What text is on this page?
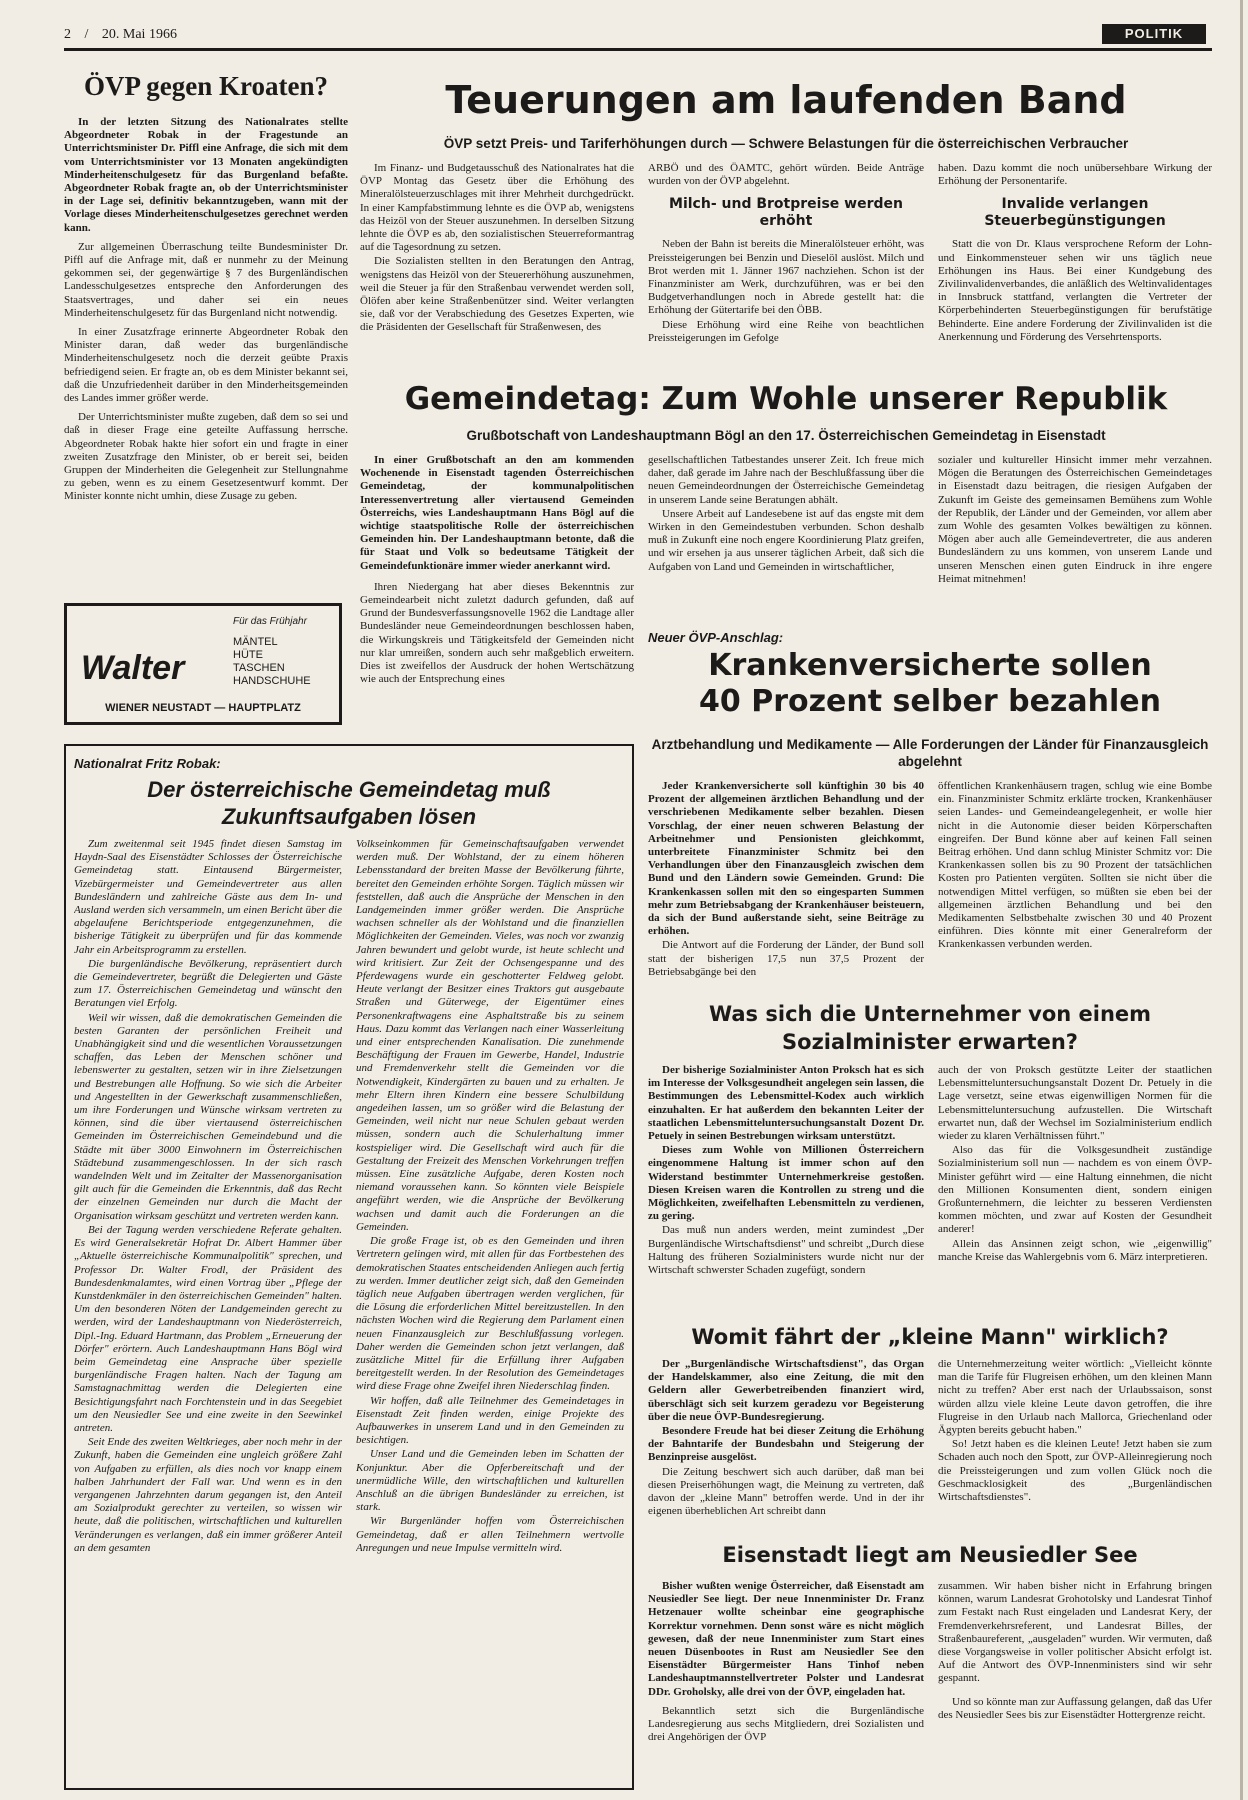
2 / 20. Mai 1966	POLITIK
ÖVP gegen Kroaten?
In der letzten Sitzung des Nationalrates stellte Abgeordneter Robak in der Fragestunde an Unterrichtsminister Dr. Piffl eine Anfrage, die sich mit dem vom Unterrichtsminister vor 13 Monaten angekündigten Minderheitenschulgesetz für das Burgenland befaßte. Abgeordneter Robak fragte an, ob der Unterrichtsminister in der Lage sei, definitiv bekanntzugeben, wann mit der Vorlage dieses Minderheitenschulgesetzes gerechnet werden kann.
Zur allgemeinen Überraschung teilte Bundesminister Dr. Piffl auf die Anfrage mit, daß er nunmehr zu der Meinung gekommen sei, der gegenwärtige § 7 des Burgenländischen Landesschulgesetzes entspreche den Anforderungen des Staatsvertrages, und daher sei ein neues Minderheitenschulgesetz für das Burgenland nicht notwendig.
In einer Zusatzfrage erinnerte Abgeordneter Robak den Minister daran, daß weder das burgenländische Minderheitenschulgesetz noch die derzeit geübte Praxis befriedigend seien. Er fragte an, ob es dem Minister bekannt sei, daß die Unzufriedenheit darüber in den Minderheitsgemeinden des Landes immer größer werde.
Der Unterrichtsminister mußte zugeben, daß dem so sei und daß in dieser Frage eine geteilte Auffassung herrsche. Abgeordneter Robak hakte hier sofort ein und fragte in einer zweiten Zusatzfrage den Minister, ob er bereit sei, beiden Gruppen der Minderheiten die Gelegenheit zur Stellungnahme zu geben, wenn es zu einem Gesetzesentwurf kommt. Der Minister konnte nicht umhin, diese Zusage zu geben.
Für das Frühjahr
MÄNTEL
HÜTE
TASCHEN
HANDSCHUHE
Walter
WIENER NEUSTADT — HAUPTPLATZ
Teuerungen am laufenden Band
ÖVP setzt Preis- und Tariferhöhungen durch — Schwere Belastungen für die österreichischen Verbraucher
Im Finanz- und Budgetausschuß des Nationalrates hat die ÖVP Montag das Gesetz über die Erhöhung des Mineralölsteuerzuschlages mit ihrer Mehrheit durchgedrückt. In einer Kampfabstimmung lehnte es die ÖVP ab, wenigstens das Heizöl von der Steuer auszunehmen. In derselben Sitzung lehnte die ÖVP es ab, den sozialistischen Steuerreformantrag auf die Tagesordnung zu setzen.
Die Sozialisten stellten in den Beratungen den Antrag, wenigstens das Heizöl von der Steuererhöhung auszunehmen, weil die Steuer ja für den Straßenbau verwendet werden soll, Ölöfen aber keine Straßenbenützer sind. Weiter verlangten sie, daß vor der Verabschiedung des Gesetzes Experten, wie die Präsidenten der Gesellschaft für Straßenwesen, des
ARBÖ und des ÖAMTC, gehört würden. Beide Anträge wurden von der ÖVP abgelehnt.
Milch- und Brotpreise werden erhöht
Neben der Bahn ist bereits die Mineralölsteuer erhöht, was Preissteigerungen bei Benzin und Dieselöl auslöst. Milch und Brot werden mit 1. Jänner 1967 nachziehen. Schon ist der Finanzminister am Werk, durchzuführen, was er bei den Budgetverhandlungen noch in Abrede gestellt hat: die Erhöhung der Gütertarife bei den ÖBB.
Diese Erhöhung wird eine Reihe von beachtlichen Preissteigerungen im Gefolge
haben. Dazu kommt die noch unübersehbare Wirkung der Erhöhung der Personentarife.
Invalide verlangen Steuerbegünstigungen
Statt die von Dr. Klaus versprochene Reform der Lohn- und Einkommensteuer sehen wir uns täglich neue Erhöhungen ins Haus. Bei einer Kundgebung des Zivilinvalidenverbandes, die anläßlich des Weltinvalidentages in Innsbruck stattfand, verlangten die Vertreter der Körperbehinderten Steuerbegünstigungen für berufstätige Behinderte. Eine andere Forderung der Zivilinvaliden ist die Anerkennung und Förderung des Versehrtensports.
Gemeindetag: Zum Wohle unserer Republik
Grußbotschaft von Landeshauptmann Bögl an den 17. Österreichischen Gemeindetag in Eisenstadt
In einer Grußbotschaft an den am kommenden Wochenende in Eisenstadt tagenden Österreichischen Gemeindetag, der kommunalpolitischen Interessenvertretung aller viertausend Gemeinden Österreichs, wies Landeshauptmann Hans Bögl auf die wichtige staatspolitische Rolle der österreichischen Gemeinden hin. Der Landeshauptmann betonte, daß die für Staat und Volk so bedeutsame Tätigkeit der Gemeindefunktionäre immer wieder anerkannt wird.
Ihren Niedergang hat aber dieses Bekenntnis zur Gemeindearbeit nicht zuletzt dadurch gefunden, daß auf Grund der Bundesverfassungsnovelle 1962 die Landtage aller Bundesländer neue Gemeindeordnungen beschlossen haben, die Wirkungskreis und Tätigkeitsfeld der Gemeinden nicht nur klar umreißen, sondern auch sehr maßgeblich erweitern. Dies ist zweifellos der Ausdruck der hohen Wertschätzung wie auch der Entsprechung eines
gesellschaftlichen Tatbestandes unserer Zeit. Ich freue mich daher, daß gerade im Jahre nach der Beschlußfassung über die neuen Gemeindeordnungen der Österreichische Gemeindetag in unserem Lande seine Beratungen abhält.
Unsere Arbeit auf Landesebene ist auf das engste mit dem Wirken in den Gemeindestuben verbunden. Schon deshalb muß in Zukunft eine noch engere Koordinierung Platz greifen, und wir ersehen ja aus unserer täglichen Arbeit, daß sich die Aufgaben von Land und Gemeinden in wirtschaftlicher,
sozialer und kultureller Hinsicht immer mehr verzahnen. Mögen die Beratungen des Österreichischen Gemeindetages in Eisenstadt dazu beitragen, die riesigen Aufgaben der Zukunft im Geiste des gemeinsamen Bemühens zum Wohle der Republik, der Länder und der Gemeinden, vor allem aber zum Wohle des gesamten Volkes bewältigen zu können. Mögen aber auch alle Gemeindevertreter, die aus anderen Bundesländern zu uns kommen, von unserem Lande und unseren Menschen einen guten Eindruck in ihre engere Heimat mitnehmen!
Neuer ÖVP-Anschlag:
Krankenversicherte sollen
40 Prozent selber bezahlen
Arztbehandlung und Medikamente — Alle Forderungen der Länder für Finanzausgleich abgelehnt
Jeder Krankenversicherte soll künftighin 30 bis 40 Prozent der allgemeinen ärztlichen Behandlung und der verschriebenen Medikamente selber bezahlen. Diesen Vorschlag, der einer neuen schweren Belastung der Arbeitnehmer und Pensionisten gleichkommt, unterbreitete Finanzminister Schmitz bei den Verhandlungen über den Finanzausgleich zwischen dem Bund und den Ländern sowie Gemeinden. Grund: Die Krankenkassen sollen mit den so eingesparten Summen mehr zum Betriebsabgang der Krankenhäuser beisteuern, da sich der Bund außerstande sieht, seine Beiträge zu erhöhen.
Die Antwort auf die Forderung der Länder, der Bund soll statt der bisherigen 17,5 nun 37,5 Prozent der Betriebsabgänge bei den
öffentlichen Krankenhäusern tragen, schlug wie eine Bombe ein. Finanzminister Schmitz erklärte trocken, Krankenhäuser seien Landes- und Gemeindeangelegenheit, er wolle hier nicht in die Autonomie dieser beiden Körperschaften eingreifen. Der Bund könne aber auf keinen Fall seinen Beitrag erhöhen. Und dann schlug Minister Schmitz vor: Die Krankenkassen sollen bis zu 90 Prozent der tatsächlichen Kosten pro Patienten vergüten. Sollten sie nicht über die notwendigen Mittel verfügen, so müßten sie eben bei der allgemeinen ärztlichen Behandlung und bei den Medikamenten Selbstbehalte zwischen 30 und 40 Prozent einführen. Dies könnte mit einer Generalreform der Krankenkassen verbunden werden.
Was sich die Unternehmer von einem Sozialminister erwarten?
Der bisherige Sozialminister Anton Proksch hat es sich im Interesse der Volksgesundheit angelegen sein lassen, die Bestimmungen des Lebensmittel-Kodex auch wirklich einzuhalten. Er hat außerdem den bekannten Leiter der staatlichen Lebensmitteluntersuchungsanstalt Dozent Dr. Petuely in seinen Bestrebungen wirksam unterstützt.
Dieses zum Wohle von Millionen Österreichern eingenommene Haltung ist immer schon auf den Widerstand bestimmter Unternehmerkreise gestoßen. Diesen Kreisen waren die Kontrollen zu streng und die Möglichkeiten, zweifelhaften Lebensmitteln zu verdienen, zu gering.
Das muß nun anders werden, meint zumindest „Der Burgenländische Wirtschaftsdienst" und schreibt „Durch diese Haltung des früheren Sozialministers wurde nicht nur der Wirtschaft schwerster Schaden zugefügt, sondern
auch der von Proksch gestützte Leiter der staatlichen Lebensmitteluntersuchungsanstalt Dozent Dr. Petuely in die Lage versetzt, seine etwas eigenwilligen Normen für die Lebensmitteluntersuchung aufzustellen. Die Wirtschaft erwartet nun, daß der Wechsel im Sozialministerium endlich wieder zu klaren Verhältnissen führt."
Also das für die Volksgesundheit zuständige Sozialministerium soll nun — nachdem es von einem ÖVP-Minister geführt wird — eine Haltung einnehmen, die nicht den Millionen Konsumenten dient, sondern einigen Großunternehmern, die leichter zu besseren Verdiensten kommen möchten, und zwar auf Kosten der Gesundheit anderer!
Allein das Ansinnen zeigt schon, wie „eigenwillig" manche Kreise das Wahlergebnis vom 6. März interpretieren.
Womit fährt der „kleine Mann" wirklich?
Der „Burgenländische Wirtschaftsdienst", das Organ der Handelskammer, also eine Zeitung, die mit den Geldern aller Gewerbetreibenden finanziert wird, überschlägt sich seit kurzem geradezu vor Begeisterung über die neue ÖVP-Bundesregierung.
Besondere Freude hat bei dieser Zeitung die Erhöhung der Bahntarife der Bundesbahn und Steigerung der Benzinpreise ausgelöst.
Die Zeitung beschwert sich auch darüber, daß man bei diesen Preiserhöhungen wagt, die Meinung zu vertreten, daß davon der „kleine Mann" betroffen werde. Und in der ihr eigenen überheblichen Art schreibt dann
die Unternehmerzeitung weiter wörtlich: „Vielleicht könnte man die Tarife für Flugreisen erhöhen, um den kleinen Mann nicht zu treffen? Aber erst nach der Urlaubssaison, sonst würden allzu viele kleine Leute davon getroffen, die ihre Flugreise in den Urlaub nach Mallorca, Griechenland oder Ägypten bereits gebucht haben."
So! Jetzt haben es die kleinen Leute! Jetzt haben sie zum Schaden auch noch den Spott, zur ÖVP-Alleinregierung noch die Preissteigerungen und zum vollen Glück noch die Geschmacklosigkeit des „Burgenländischen Wirtschaftsdienstes".
Eisenstadt liegt am Neusiedler See
Bisher wußten wenige Österreicher, daß Eisenstadt am Neusiedler See liegt. Der neue Innenminister Dr. Franz Hetzenauer wollte scheinbar eine geographische Korrektur vornehmen. Denn sonst wäre es nicht möglich gewesen, daß der neue Innenminister zum Start eines neuen Düsenbootes in Rust am Neusiedler See den Eisenstädter Bürgermeister Hans Tinhof neben Landeshauptmannstellvertreter Polster und Landesrat DDr. Groholsky, alle drei von der ÖVP, eingeladen hat.
Bekanntlich setzt sich die Burgenländische Landesregierung aus sechs Mitgliedern, drei Sozialisten und drei Angehörigen der ÖVP
zusammen. Wir haben bisher nicht in Erfahrung bringen können, warum Landesrat Grohotolsky und Landesrat Tinhof zum Festakt nach Rust eingeladen und Landesrat Kery, der Fremdenverkehrsreferent, und Landesrat Billes, der Straßenbaureferent, „ausgeladen" wurden. Wir vermuten, daß diese Vorgangsweise in voller politischer Absicht erfolgt ist. Auf die Antwort des ÖVP-Innenministers sind wir sehr gespannt.
Und so könnte man zur Auffassung gelangen, daß das Ufer des Neusiedler Sees bis zur Eisenstädter Hottergrenze reicht.
Nationalrat Fritz Robak:
Der österreichische Gemeindetag muß Zukunftsaufgaben lösen
Zum zweitenmal seit 1945 findet diesen Samstag im Haydn-Saal des Eisenstädter Schlosses der Österreichische Gemeindetag statt. Eintausend Bürgermeister, Vizebürgermeister und Gemeindevertreter aus allen Bundesländern und zahlreiche Gäste aus dem In- und Ausland werden sich versammeln, um einen Bericht über die abgelaufene Berichtsperiode entgegenzunehmen, die bisherige Tätigkeit zu überprüfen und für das kommende Jahr ein Arbeitsprogramm zu erstellen.
Die burgenländische Bevölkerung, repräsentiert durch die Gemeindevertreter, begrüßt die Delegierten und Gäste zum 17. Österreichischen Gemeindetag und wünscht den Beratungen viel Erfolg.
Weil wir wissen, daß die demokratischen Gemeinden die besten Garanten der persönlichen Freiheit und Unabhängigkeit sind und die wesentlichen Voraussetzungen schaffen, das Leben der Menschen schöner und lebenswerter zu gestalten, setzen wir in ihre Zielsetzungen und Bestrebungen alle Hoffnung. So wie sich die Arbeiter und Angestellten in der Gewerkschaft zusammenschließen, um ihre Forderungen und Wünsche wirksam vertreten zu können, sind die über viertausend österreichischen Gemeinden im Österreichischen Gemeindebund und die Städte mit über 3000 Einwohnern im Österreichischen Städtebund zusammengeschlossen. In der sich rasch wandelnden Welt und im Zeitalter der Massenorganisation gilt auch für die Gemeinden die Erkenntnis, daß das Recht der einzelnen Gemeinden nur durch die Macht der Organisation wirksam geschützt und vertreten werden kann.
Bei der Tagung werden verschiedene Referate gehalten. Es wird Generalsekretär Hofrat Dr. Albert Hammer über „Aktuelle österreichische Kommunalpolitik" sprechen, und Professor Dr. Walter Frodl, der Präsident des Bundesdenkmalamtes, wird einen Vortrag über „Pflege der Kunstdenkmäler in den österreichischen Gemeinden" halten. Um den besonderen Nöten der Landgemeinden gerecht zu werden, wird der Landeshauptmann von Niederösterreich, Dipl.-Ing. Eduard Hartmann, das Problem „Erneuerung der Dörfer" erörtern. Auch Landeshauptmann Hans Bögl wird beim Gemeindetag eine Ansprache über spezielle burgenländische Fragen halten. Nach der Tagung am Samstagnachmittag werden die Delegierten eine Besichtigungsfahrt nach Forchtenstein und in das Seegebiet um den Neusiedler See und eine zweite in den Seewinkel antreten.
Seit Ende des zweiten Weltkrieges, aber noch mehr in der Zukunft, haben die Gemeinden eine ungleich größere Zahl von Aufgaben zu erfüllen, als dies noch vor knapp einem halben Jahrhundert der Fall war. Und wenn es in den vergangenen Jahrzehnten darum gegangen ist, den Anteil am Sozialprodukt gerechter zu verteilen, so wissen wir heute, daß die politischen, wirtschaftlichen und kulturellen Veränderungen es verlangen, daß ein immer größerer Anteil an dem gesamten
Volkseinkommen für Gemeinschaftsaufgaben verwendet werden muß. Der Wohlstand, der zu einem höheren Lebensstandard der breiten Masse der Bevölkerung führte, bereitet den Gemeinden erhöhte Sorgen. Täglich müssen wir feststellen, daß auch die Ansprüche der Menschen in den Landgemeinden immer größer werden. Die Ansprüche wachsen schneller als der Wohlstand und die finanziellen Möglichkeiten der Gemeinden. Vieles, was noch vor zwanzig Jahren bewundert und gelobt wurde, ist heute schlecht und wird kritisiert. Zur Zeit der Ochsengespanne und des Pferdewagens wurde ein geschotterter Feldweg gelobt. Heute verlangt der Besitzer eines Traktors gut ausgebaute Straßen und Güterwege, der Eigentümer eines Personenkraftwagens eine Asphaltstraße bis zu seinem Haus. Dazu kommt das Verlangen nach einer Wasserleitung und einer entsprechenden Kanalisation. Die zunehmende Beschäftigung der Frauen im Gewerbe, Handel, Industrie und Fremdenverkehr stellt die Gemeinden vor die Notwendigkeit, Kindergärten zu bauen und zu erhalten. Je mehr Eltern ihren Kindern eine bessere Schulbildung angedeihen lassen, um so größer wird die Belastung der Gemeinden, weil nicht nur neue Schulen gebaut werden müssen, sondern auch die Schulerhaltung immer kostspieliger wird. Die Gesellschaft wird auch für die Gestaltung der Freizeit des Menschen Vorkehrungen treffen müssen. Eine zusätzliche Aufgabe, deren Kosten noch niemand voraussehen kann. So könnten viele Beispiele angeführt werden, wie die Ansprüche der Bevölkerung wachsen und damit auch die Forderungen an die Gemeinden.
Die große Frage ist, ob es den Gemeinden und ihren Vertretern gelingen wird, mit allen für das Fortbestehen des demokratischen Staates entscheidenden Anliegen auch fertig zu werden. Immer deutlicher zeigt sich, daß den Gemeinden täglich neue Aufgaben übertragen werden verglichen, für die Lösung die erforderlichen Mittel bereitzustellen. In den nächsten Wochen wird die Regierung dem Parlament einen neuen Finanzausgleich zur Beschlußfassung vorlegen. Daher werden die Gemeinden schon jetzt verlangen, daß zusätzliche Mittel für die Erfüllung ihrer Aufgaben bereitgestellt werden. In der Resolution des Gemeindetages wird diese Frage ohne Zweifel ihren Niederschlag finden.
Wir hoffen, daß alle Teilnehmer des Gemeindetages in Eisenstadt Zeit finden werden, einige Projekte des Aufbauwerkes in unserem Land und in den Gemeinden zu besichtigen.
Unser Land und die Gemeinden leben im Schatten der Konjunktur. Aber die Opferbereitschaft und der unermüdliche Wille, den wirtschaftlichen und kulturellen Anschluß an die übrigen Bundesländer zu erreichen, ist stark.
Wir Burgenländer hoffen vom Österreichischen Gemeindetag, daß er allen Teilnehmern wertvolle Anregungen und neue Impulse vermitteln wird.
